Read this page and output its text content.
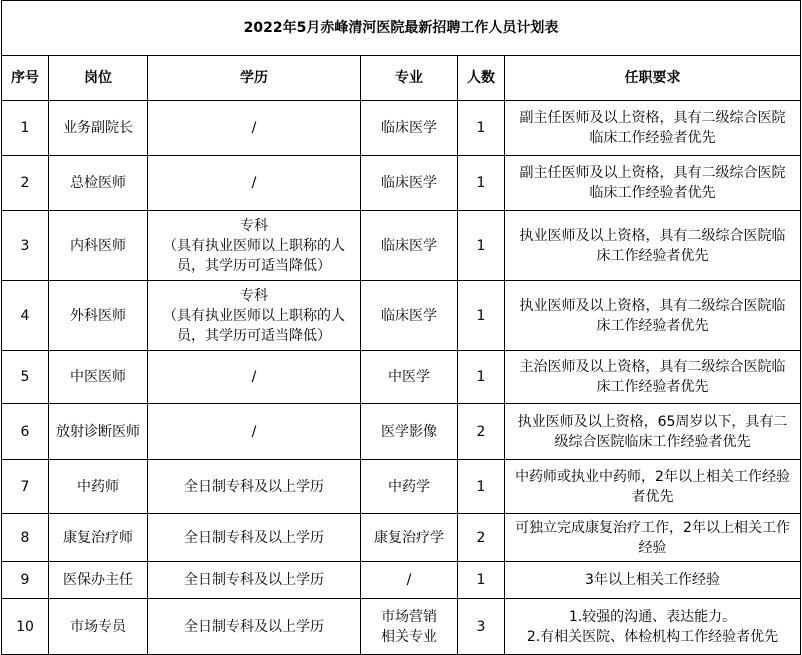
2022年5月赤峰清河医院最新招聘工作人员计划表					
序号	岗位	学历	专业	人数	任职要求
1	业务副院长	/	临床医学	1	副主任医师及以上资格，具有二级综合医院
临床工作经验者优先

2	总检医师	/	临床医学	1	副主任医师及以上资格，具有二级综合医院
临床工作经验者优先

3	内科医师	专科
（具有执业医师以上职称的人
员，其学历可适当降低）	临床医学	1	执业医师及以上资格，具有二级综合医院临
床工作经验者优先

4	外科医师	专科
（具有执业医师以上职称的人
员，其学历可适当降低）	临床医学	1	执业医师及以上资格，具有二级综合医院临
床工作经验者优先

5	中医医师	/	中医学	1	主治医师及以上资格，具有二级综合医院临
床工作经验者优先

6	放射诊断医师	/	医学影像	2	执业医师及以上资格，65周岁以下，具有二
级综合医院临床工作经验者优先

7	中药师	全日制专科及以上学历	中药学	1	中药师或执业中药师，2年以上相关工作经验
者优先

8	康复治疗师	全日制专科及以上学历	康复治疗学	2	可独立完成康复治疗工作，2年以上相关工作
经验

9	医保办主任	全日制专科及以上学历	/	1	3年以上相关工作经验

10	市场专员	全日制专科及以上学历	市场营销
相关专业	3	1.较强的沟通、表达能力。
2.有相关医院、体检机构工作经验者优先
